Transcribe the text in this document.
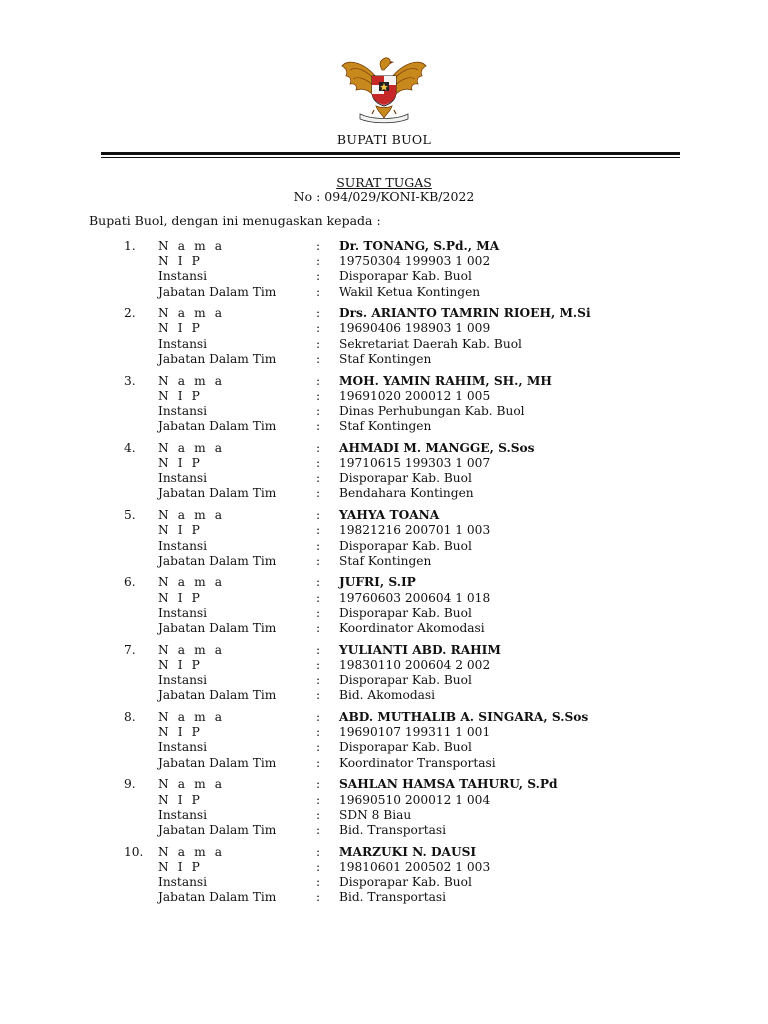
BUPATI BUOL
SURAT TUGAS
No : 094/029/KONI-KB/2022
Bupati Buol, dengan ini menugaskan kepada :
1. N a m a	: Dr. TONANG, S.Pd., MA
N I P	: 19750304 199903 1 002
Instansi	: Disporapar Kab. Buol
Jabatan Dalam Tim	: Wakil Ketua Kontingen
2. N a m a	: Drs. ARIANTO TAMRIN RIOEH, M.Si
N I P	: 19690406 198903 1 009
Instansi	: Sekretariat Daerah Kab. Buol
Jabatan Dalam Tim	: Staf Kontingen
3. N a m a	: MOH. YAMIN RAHIM, SH., MH
N I P	: 19691020 200012 1 005
Instansi	: Dinas Perhubungan Kab. Buol
Jabatan Dalam Tim	: Staf Kontingen
4. N a m a	: AHMADI M. MANGGE, S.Sos
N I P	: 19710615 199303 1 007
Instansi	: Disporapar Kab. Buol
Jabatan Dalam Tim	: Bendahara Kontingen
5. N a m a	: YAHYA TOANA
N I P	: 19821216 200701 1 003
Instansi	: Disporapar Kab. Buol
Jabatan Dalam Tim	: Staf Kontingen
6. N a m a	: JUFRI, S.IP
N I P	: 19760603 200604 1 018
Instansi	: Disporapar Kab. Buol
Jabatan Dalam Tim	: Koordinator Akomodasi
7. N a m a	: YULIANTI ABD. RAHIM
N I P	: 19830110 200604 2 002
Instansi	: Disporapar Kab. Buol
Jabatan Dalam Tim	: Bid. Akomodasi
8. N a m a	: ABD. MUTHALIB A. SINGARA, S.Sos
N I P	: 19690107 199311 1 001
Instansi	: Disporapar Kab. Buol
Jabatan Dalam Tim	: Koordinator Transportasi
9. N a m a	: SAHLAN HAMSA TAHURU, S.Pd
N I P	: 19690510 200012 1 004
Instansi	: SDN 8 Biau
Jabatan Dalam Tim	: Bid. Transportasi
10. N a m a	: MARZUKI N. DAUSI
N I P	: 19810601 200502 1 003
Instansi	: Disporapar Kab. Buol
Jabatan Dalam Tim	: Bid. Transportasi
